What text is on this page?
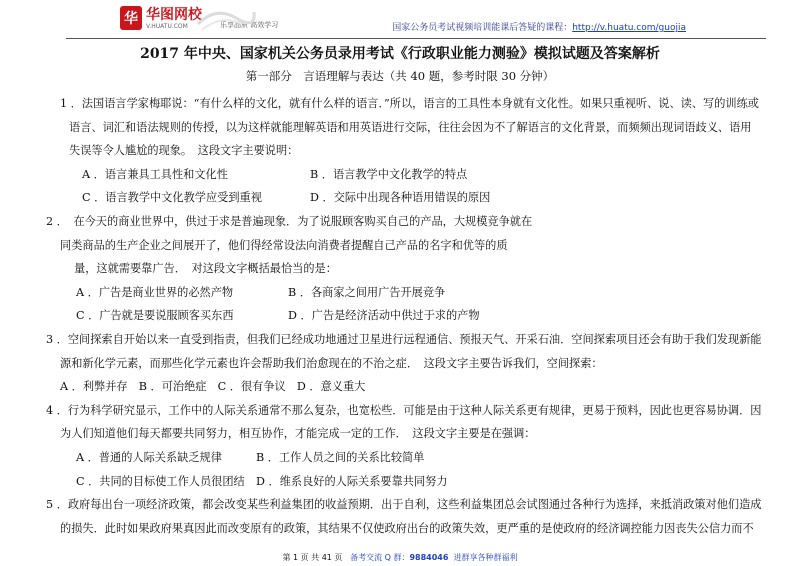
华 华图网校
V.HUATU.COM	乐享品质 高效学习	国家公务员考试视频培训能课后答疑的课程：http://v.huatu.com/guojia
2017 年中央、国家机关公务员录用考试《行政职业能力测验》模拟试题及答案解析
第一部分　言语理解与表达（共 40 题，参考时限 30 分钟）
1 ．法国语言学家梅耶说：“有什么样的文化，就有什么样的语言．”所以，语言的工具性本身就有文化性。如果只重视听、说、读、写的训练或
语言、词汇和语法规则的传授，以为这样就能理解英语和用英语进行交际，往往会因为不了解语言的文化背景，而频频出现词语歧义、语用
失误等令人尴尬的现象。　这段文字主要说明：
A ．语言兼具工具性和文化性	B ．语言教学中文化教学的特点
C ．语言教学中文化教学应受到重视	D ．交际中出现各种语用错误的原因
2 ．　在今天的商业世界中，供过于求是普遍现象．为了说服顾客购买自己的产品，大规模竞争就在
同类商品的生产企业之间展开了，他们得经常设法向消费者提醒自己产品的名字和优等的质
量，这就需要靠广告．　对这段文字概括最恰当的是：
A ．广告是商业世界的必然产物	B ．各商家之间用广告开展竞争
C ．广告就是要说服顾客买东西	D ．广告是经济活动中供过于求的产物
3 ．空间探索自开始以来一直受到指责，但我们已经成功地通过卫星进行远程通信、预报天气、开采石油．空间探索项目还会有助于我们发现新能
源和新化学元素，而那些化学元素也许会帮助我们治愈现在的不治之症．　这段文字主要告诉我们，空间探索：
A ．利弊并存　B ．可治绝症　C ．很有争议　D ．意义重大
4 ．行为科学研究显示，工作中的人际关系通常不那么复杂，也宽松些．可能是由于这种人际关系更有规律，更易于预料，因此也更容易协调．因
为人们知道他们每天都要共同努力，相互协作，才能完成一定的工作．　这段文字主要是在强调：
A ．普通的人际关系缺乏规律	B ．工作人员之间的关系比较简单
C ．共同的目标使工作人员很团结 D ．维系良好的人际关系要靠共同努力
5 ．政府每出台一项经济政策，都会改变某些利益集团的收益预期．出于自利，这些利益集团总会试图通过各种行为选择，来抵消政策对他们造成
的损失．此时如果政府果真因此而改变原有的政策，其结果不仅使政府出台的政策失效，更严重的是使政府的经济调控能力因丧失公信力而不
第 1 页 共 41 页 备考交流 Q 群：9884046 进群享各种群福利
